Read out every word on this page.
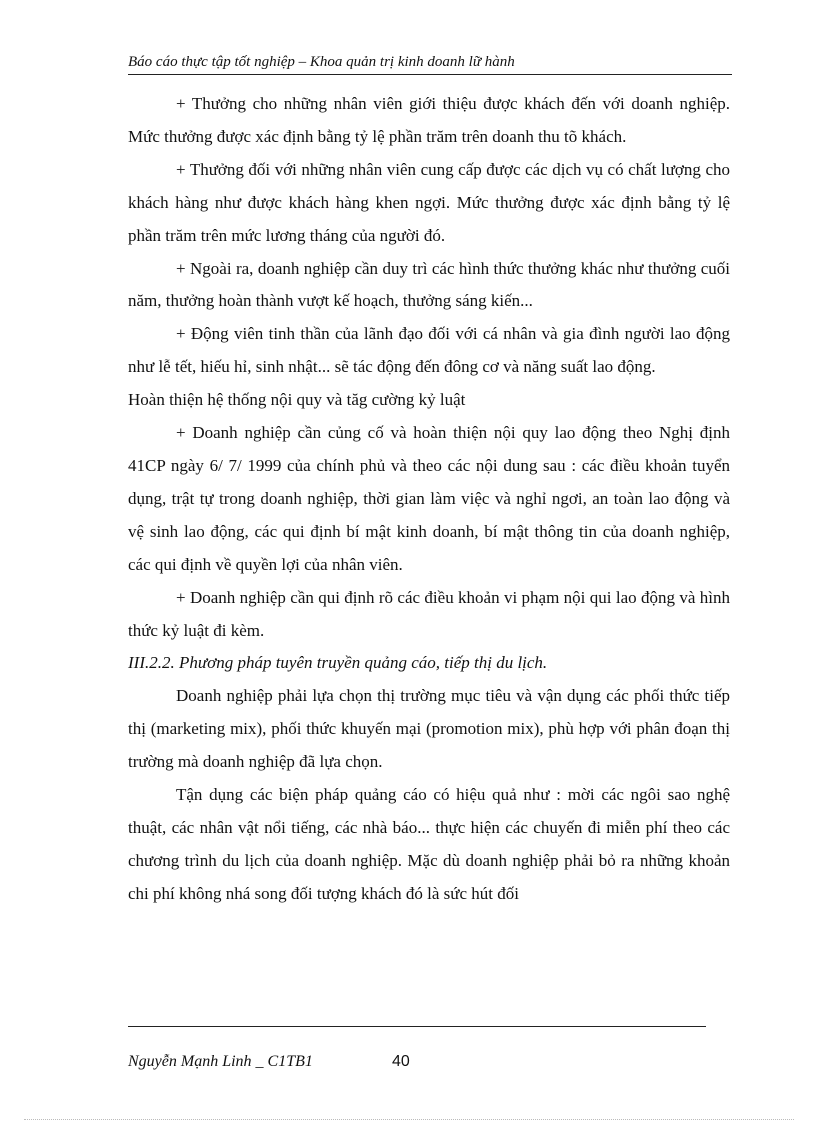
Báo cáo thực tập tốt nghiệp – Khoa quản trị kinh doanh lữ hành

+ Thưởng cho những nhân viên giới thiệu được khách đến với doanh nghiệp. Mức thưởng được xác định bằng tỷ lệ phần trăm trên doanh thu tõ khách.

+ Thưởng đối với những nhân viên cung cấp được các dịch vụ có chất lượng cho khách hàng như được khách hàng khen ngợi. Mức thưởng được xác định bằng tỷ lệ phần trăm trên mức lương tháng của người đó.

+ Ngoài ra, doanh nghiệp cần duy trì các hình thức thưởng khác như thưởng cuối năm, thưởng hoàn thành vượt kế hoạch, thưởng sáng kiến...

+ Động viên tinh thần của lãnh đạo đối với cá nhân và gia đình người lao động như lễ tết, hiếu hỉ, sinh nhật... sẽ tác động đến đông cơ và năng suất lao động.

Hoàn thiện hệ thống nội quy và tăg cường kỷ luật

+ Doanh nghiệp cần củng cố và hoàn thiện nội quy lao động theo Nghị định 41CP ngày 6/ 7/ 1999 của chính phủ và theo các nội dung sau : các điều khoản tuyển dụng, trật tự trong doanh nghiệp, thời gian làm việc và nghỉ ngơi, an toàn lao động và vệ sinh lao động, các qui định bí mật kinh doanh, bí mật thông tin của doanh nghiệp, các qui định về quyền lợi của nhân viên.

+ Doanh nghiệp cần qui định rõ các điều khoản vi phạm nội qui lao động và hình thức kỷ luật đi kèm.

III.2.2. Phương pháp tuyên truyền quảng cáo, tiếp thị du lịch.

Doanh nghiệp phải lựa chọn thị trường mục tiêu và vận dụng các phối thức tiếp thị (marketing mix), phối thức khuyến mại (promotion mix), phù hợp với phân đoạn thị trường mà doanh nghiệp đã lựa chọn.

Tận dụng các biện pháp quảng cáo có hiệu quả như : mời các ngôi sao nghệ thuật, các nhân vật nổi tiếng, các nhà báo... thực hiện các chuyến đi miễn phí theo các chương trình du lịch của doanh nghiệp. Mặc dù doanh nghiệp phải bỏ ra những khoản chi phí không nhá song đối tượng khách đó là sức hút đối

Nguyễn Mạnh Linh _ C1TB1	40
